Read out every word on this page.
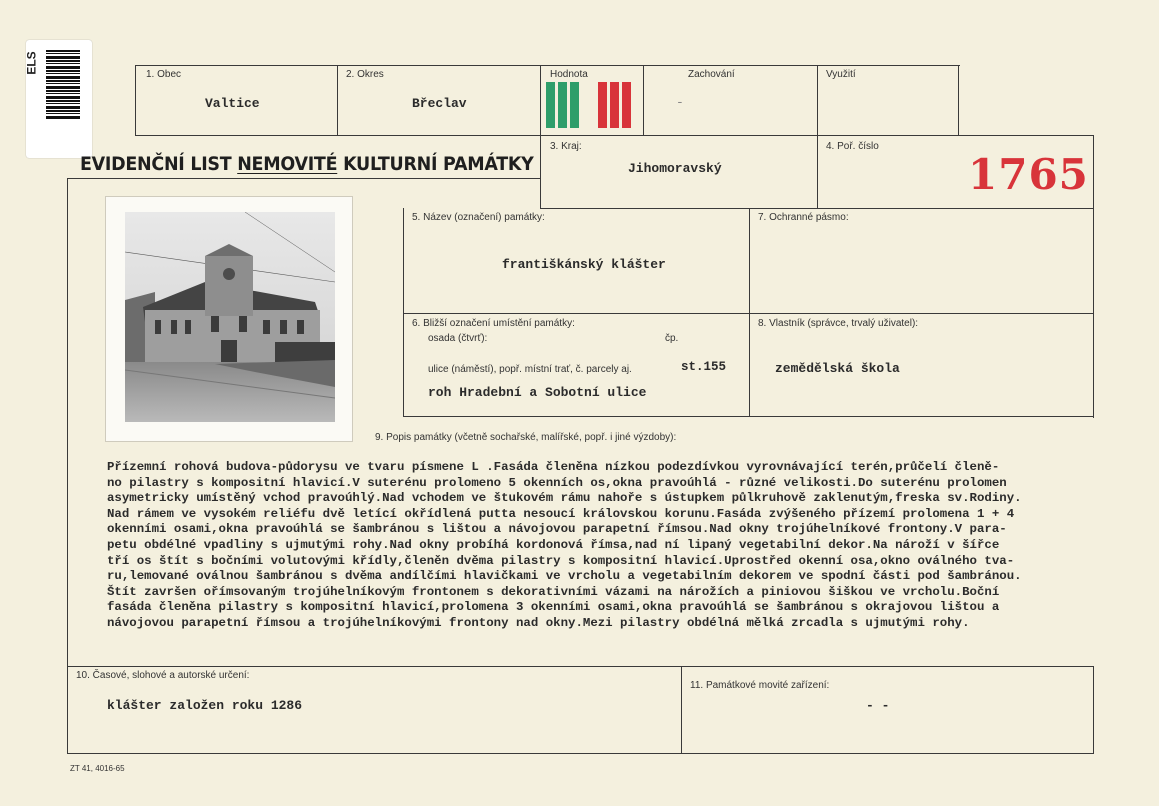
ELS	1. Obec
Valtice
2. Okres
Břeclav
Hodnota	Zachování
-
Využití
EVIDENČNÍ LIST NEMOVITÉ KULTURNÍ PAMÁTKY
3. Kraj:
Jihomoravský
4. Poř. číslo
1765
5. Název (označení) památky:
františkánský klášter
7. Ochranné pásmo:
6. Bližší označení umístění památky:
osada (čtvrť):	čp.
ulice (náměstí), popř. místní trať, č. parcely aj.	st.155
roh Hradební a Sobotní ulice
8. Vlastník (správce, trvalý uživatel):
zemědělská škola
9. Popis památky (včetně sochařské, malířské, popř. i jiné výzdoby):
Přízemní rohová budova-půdorysu ve tvaru písmene L .Fasáda členěna nízkou podezdívkou vyrovnávající terén,průčelí členě-
no pilastry s kompositní hlavicí.V suterénu prolomeno 5 okenních os,okna pravoúhlá - různé velikosti.Do suterénu prolomen
asymetricky umístěný vchod pravoúhlý.Nad vchodem ve štukovém rámu nahoře s ústupkem půlkruhově zaklenutým,freska sv.Rodiny.
Nad rámem ve vysokém reliéfu dvě letící okřídlená putta nesoucí královskou korunu.Fasáda zvýšeného přízemí prolomena 1 + 4
okenními osami,okna pravoúhlá se šambránou s lištou a návojovou parapetní římsou.Nad okny trojúhelníkové frontony.V para-
petu obdélné vpadliny s ujmutými rohy.Nad okny probíhá kordonová římsa,nad ní lipaný vegetabilní dekor.Na nároží v šířce
tří os štít s bočními volutovými křídly,členěn dvěma pilastry s kompositní hlavicí.Uprostřed okenní osa,okno oválného tva-
ru,lemované oválnou šambránou s dvěma andílčími hlavičkami ve vrcholu a vegetabilním dekorem ve spodní části pod šambránou.
Štít završen ořímsovaným trojúhelníkovým frontonem s dekorativními vázami na nárožích a piniovou šiškou ve vrcholu.Boční
fasáda členěna pilastry s kompositní hlavicí,prolomena 3 okenními osami,okna pravoúhlá se šambránou s okrajovou lištou a
návojovou parapetní římsou a trojúhelníkovými frontony nad okny.Mezi pilastry obdélná mělká zrcadla s ujmutými rohy.
10. Časové, slohové a autorské určení:
klášter založen roku 1286
11. Památkové movité zařízení:
- -
ZT 41, 4016-65
